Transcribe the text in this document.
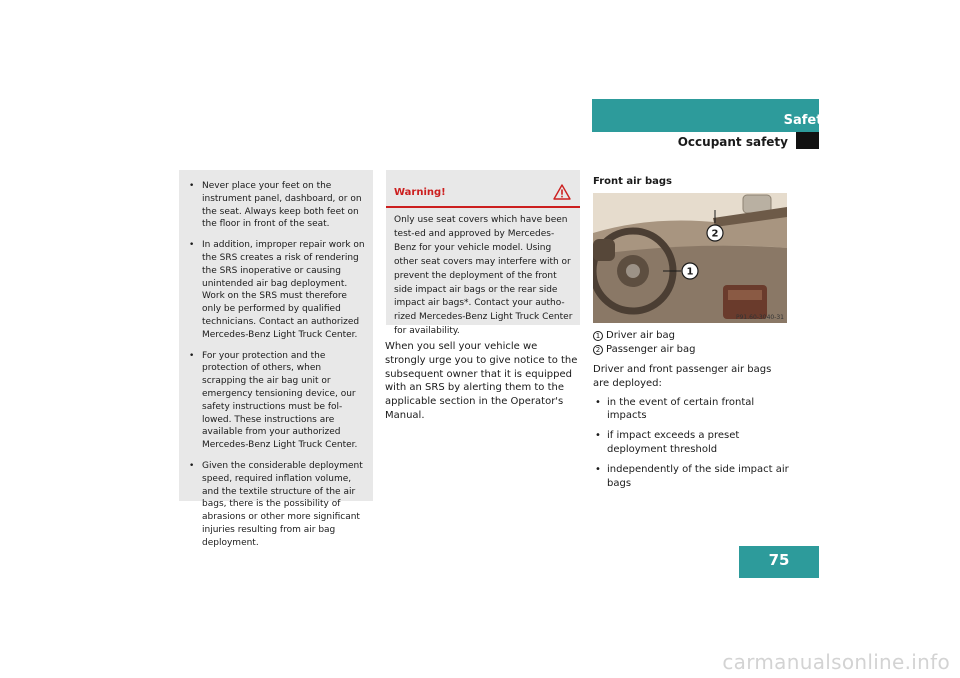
Safety and Security
Occupant safety
• Never place your feet on the instrument panel, dashboard, or on the seat. Always keep both feet on the floor in front of the seat.
• In addition, improper repair work on the SRS creates a risk of rendering the SRS inoperative or causing unintended air bag deployment. Work on the SRS must therefore only be performed by qualified technicians. Contact an authorized Mercedes-Benz Light Truck Center.
• For your protection and the protection of others, when scrapping the air bag unit or emergency tensioning device, our safety instructions must be fol-lowed. These instructions are available from your authorized Mercedes-Benz Light Truck Center.
• Given the considerable deployment speed, required inflation volume, and the textile structure of the air bags, there is the possibility of abrasions or other more significant injuries resulting from air bag deployment.
Warning!
Only use seat covers which have been test-ed and approved by Mercedes-Benz for your vehicle model. Using other seat covers may interfere with or prevent the deployment of the front side impact air bags or the rear side impact air bags*. Contact your autho-rized Mercedes-Benz Light Truck Center for availability.
When you sell your vehicle we strongly urge you to give notice to the subsequent owner that it is equipped with an SRS by alerting them to the applicable section in the Operator's Manual.
Front air bags
2
1
P91.60-3040-31
1 Driver air bag
2 Passenger air bag
Driver and front passenger air bags are deployed:
• in the event of certain frontal impacts
• if impact exceeds a preset deployment threshold
• independently of the side impact air bags
75
carmanualsonline.info
